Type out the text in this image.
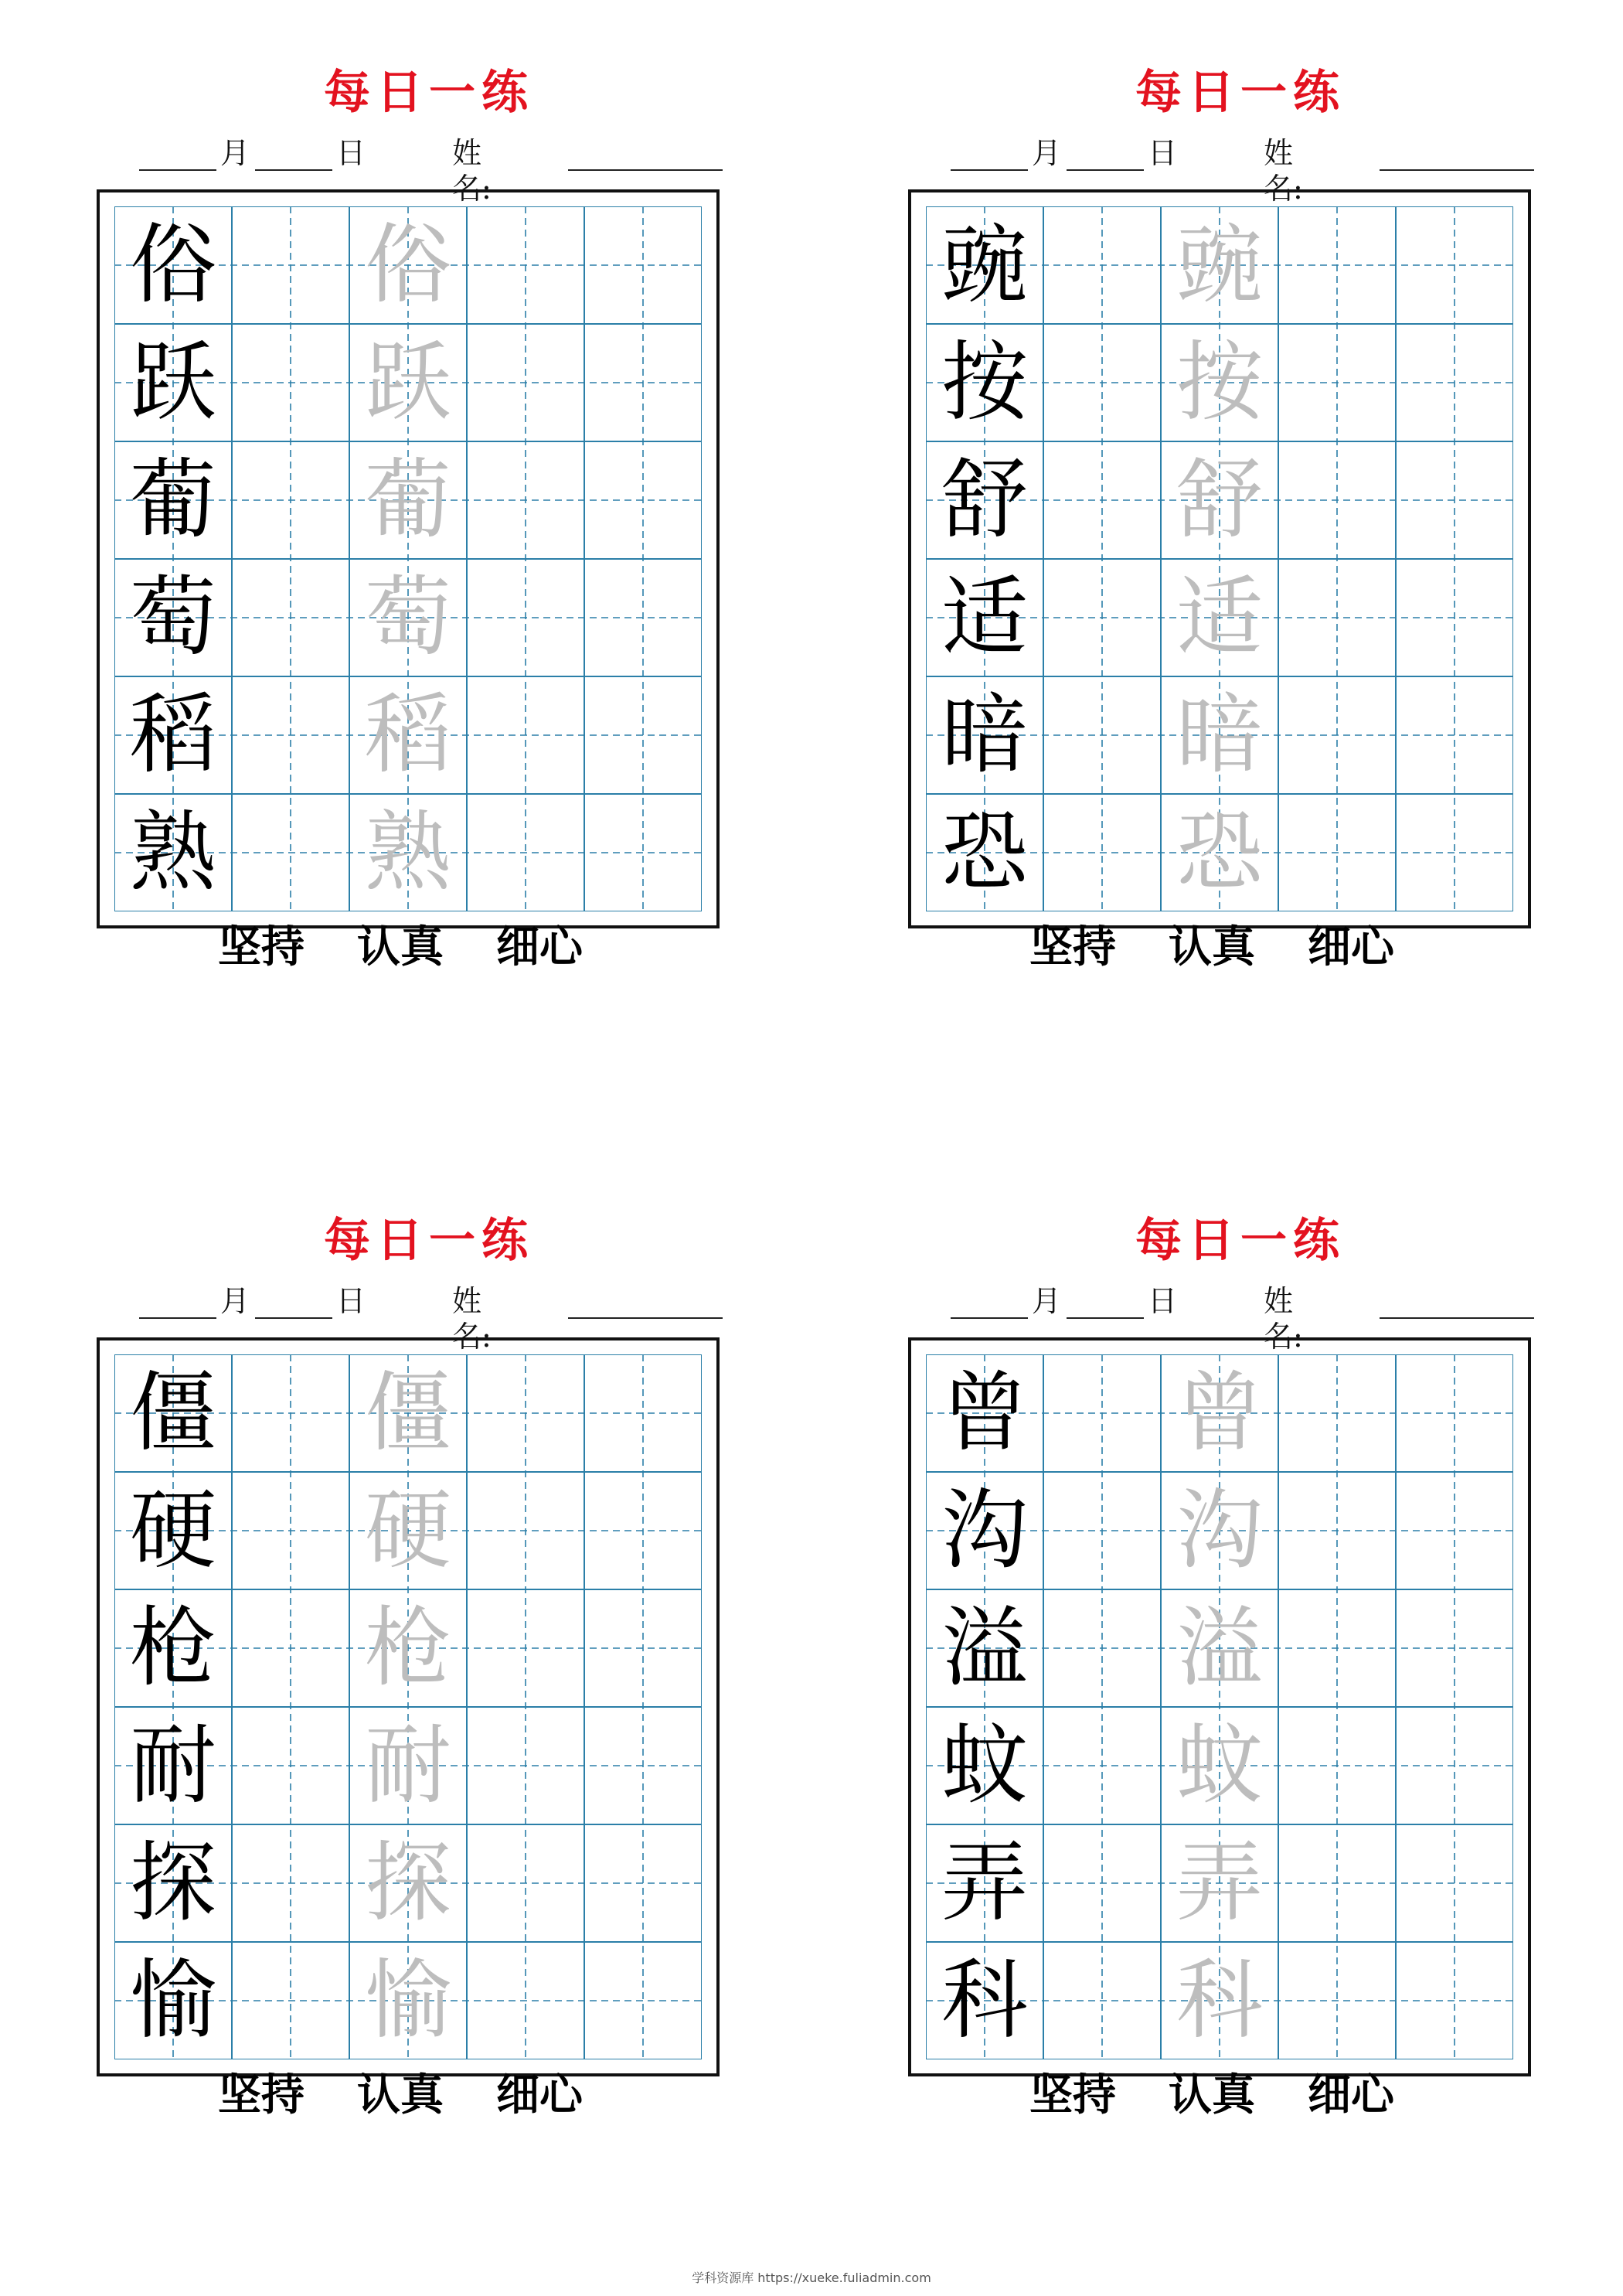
每日一练
月	日	姓名:
俗 俗
跃 跃
葡 葡
萄 萄
稻 稻
熟 熟
坚持 认真 细心
每日一练
月	日	姓名:
豌 豌
按 按
舒 舒
适 适
暗 暗
恐 恐
坚持 认真 细心
每日一练
月	日	姓名:
僵 僵
硬 硬
枪 枪
耐 耐
探 探
愉 愉
坚持 认真 细心
每日一练
月	日	姓名:
曾 曾
沟 沟
溢 溢
蚊 蚊
弄 弄
科 科
坚持 认真 细心
学科资源库 https://xueke.fuliadmin.com
